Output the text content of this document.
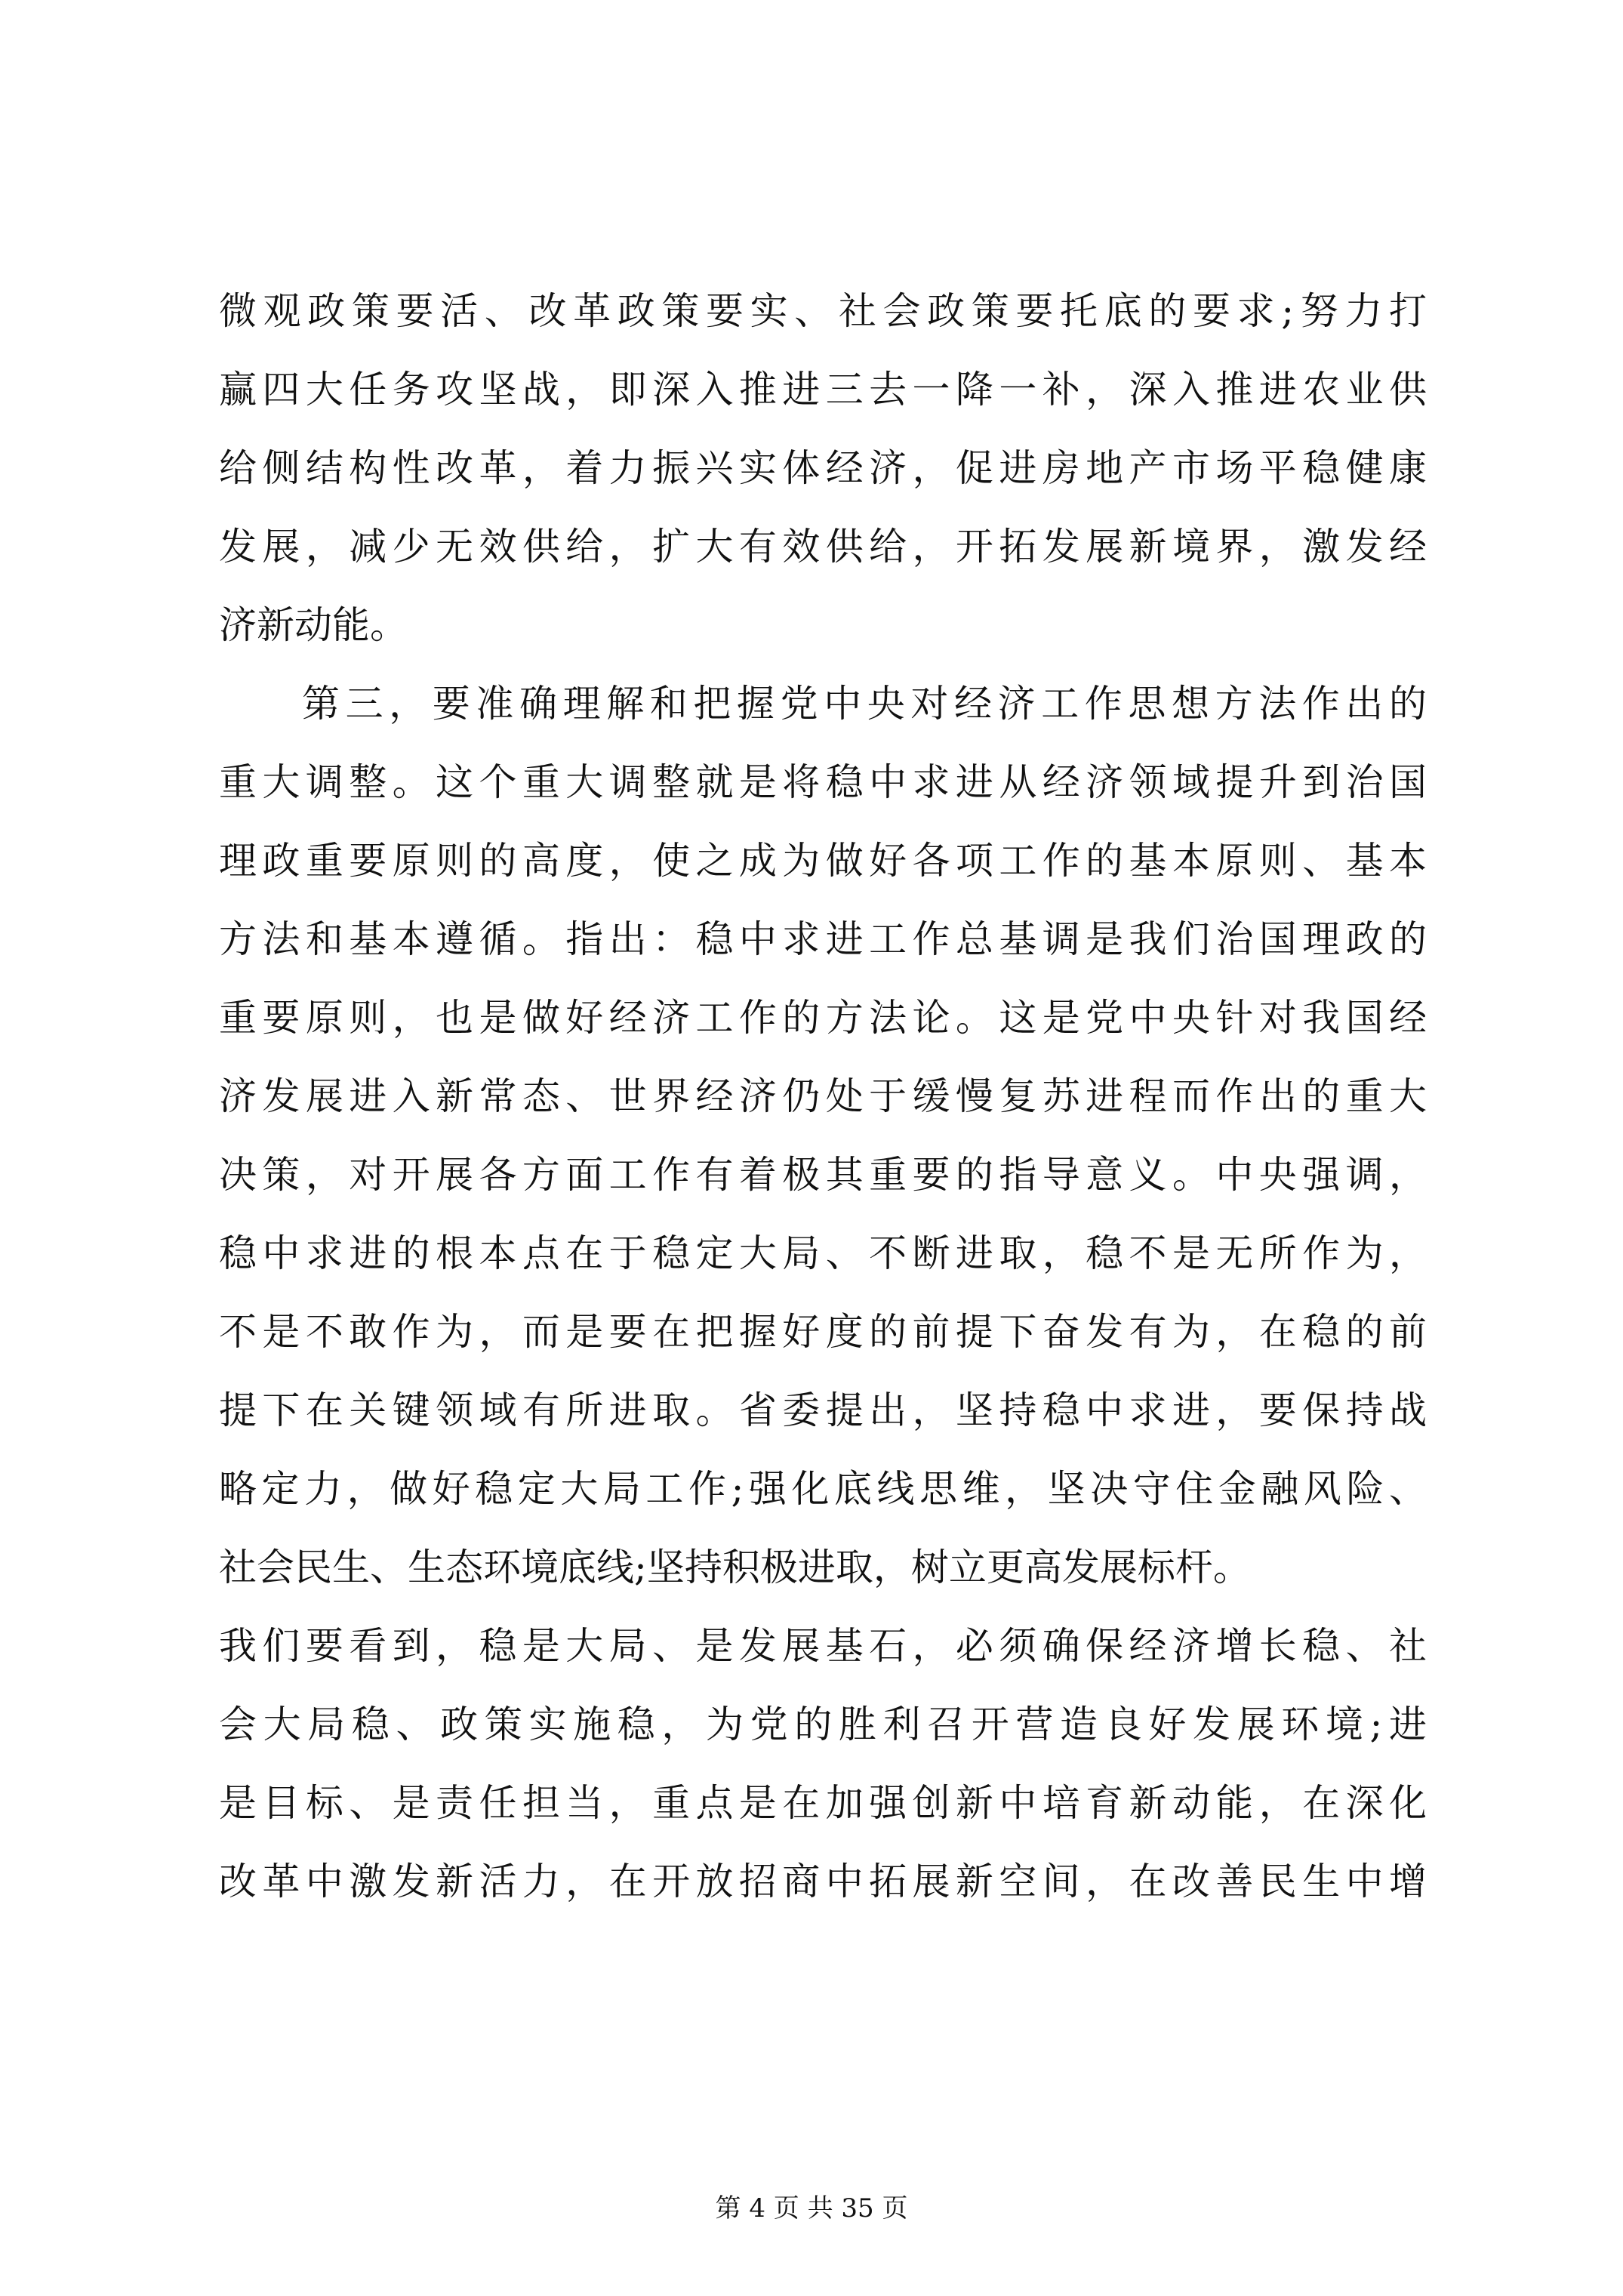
微观政策要活、改革政策要实、社会政策要托底的要求;努力打
赢四大任务攻坚战，即深入推进三去一降一补，深入推进农业供
给侧结构性改革，着力振兴实体经济，促进房地产市场平稳健康
发展，减少无效供给，扩大有效供给，开拓发展新境界，激发经
济新动能。
第三，要准确理解和把握党中央对经济工作思想方法作出的
重大调整。这个重大调整就是将稳中求进从经济领域提升到治国
理政重要原则的高度，使之成为做好各项工作的基本原则、基本
方法和基本遵循。指出：稳中求进工作总基调是我们治国理政的
重要原则，也是做好经济工作的方法论。这是党中央针对我国经
济发展进入新常态、世界经济仍处于缓慢复苏进程而作出的重大
决策，对开展各方面工作有着极其重要的指导意义。中央强调，
稳中求进的根本点在于稳定大局、不断进取，稳不是无所作为，
不是不敢作为，而是要在把握好度的前提下奋发有为，在稳的前
提下在关键领域有所进取。省委提出，坚持稳中求进，要保持战
略定力，做好稳定大局工作;强化底线思维，坚决守住金融风险、
社会民生、生态环境底线;坚持积极进取，树立更高发展标杆。
我们要看到，稳是大局、是发展基石，必须确保经济增长稳、社
会大局稳、政策实施稳，为党的胜利召开营造良好发展环境;进
是目标、是责任担当，重点是在加强创新中培育新动能，在深化
改革中激发新活力，在开放招商中拓展新空间，在改善民生中增
第 4 页 共 35 页
